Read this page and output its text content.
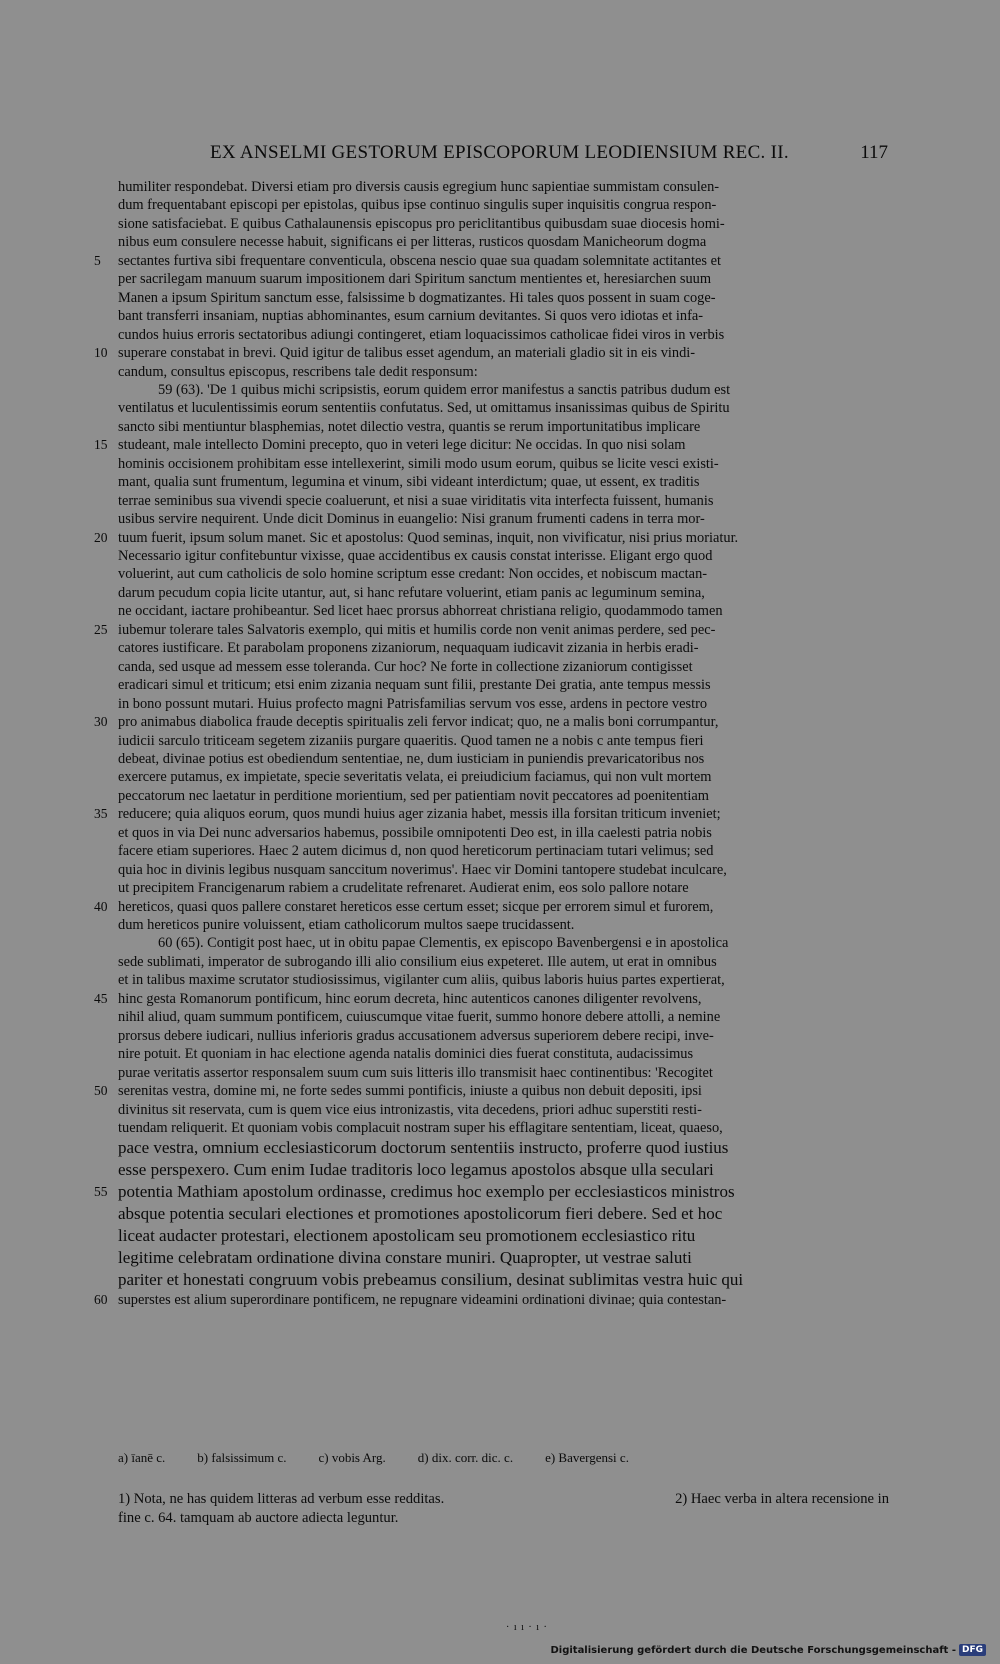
EX ANSELMI GESTORUM EPISCOPORUM LEODIENSIUM REC. II.	117
humiliter respondebat. Diversi etiam pro diversis causis egregium hunc sapientiae summistam consulen-
dum frequentabant episcopi per epistolas, quibus ipse continuo singulis super inquisitis congrua respon-
sione satisfaciebat. E quibus Cathalaunensis episcopus pro periclitantibus quibusdam suae diocesis homi-
nibus eum consulere necesse habuit, significans ei per litteras, rusticos quosdam Manicheorum dogma
sectantes furtiva sibi frequentare conventicula, obscena nescio quae sua quadam solemnitate actitantes et
5
per sacrilegam manuum suarum impositionem dari Spiritum sanctum mentientes et, heresiarchen suum
Manen a ipsum Spiritum sanctum esse, falsissime b dogmatizantes. Hi tales quos possent in suam coge-
bant transferri insaniam, nuptias abhominantes, esum carnium devitantes. Si quos vero idiotas et infa-
cundos huius erroris sectatoribus adiungi contingeret, etiam loquacissimos catholicae fidei viros in verbis
superare constabat in brevi. Quid igitur de talibus esset agendum, an materiali gladio sit in eis vindi-
10
candum, consultus episcopus, rescribens tale dedit responsum:
59 (63). 'De 1 quibus michi scripsistis, eorum quidem error manifestus a sanctis patribus dudum est
ventilatus et luculentissimis eorum sententiis confutatus. Sed, ut omittamus insanissimas quibus de Spiritu
sancto sibi mentiuntur blasphemias, notet dilectio vestra, quantis se rerum importunitatibus implicare
studeant, male intellecto Domini precepto, quo in veteri lege dicitur: Ne occidas. In quo nisi solam
15
hominis occisionem prohibitam esse intellexerint, simili modo usum eorum, quibus se licite vesci existi-
mant, qualia sunt frumentum, legumina et vinum, sibi videant interdictum; quae, ut essent, ex traditis
terrae seminibus sua vivendi specie coaluerunt, et nisi a suae viriditatis vita interfecta fuissent, humanis
usibus servire nequirent. Unde dicit Dominus in euangelio: Nisi granum frumenti cadens in terra mor-
tuum fuerit, ipsum solum manet. Sic et apostolus: Quod seminas, inquit, non vivificatur, nisi prius moriatur.
20
Necessario igitur confitebuntur vixisse, quae accidentibus ex causis constat interisse. Eligant ergo quod
voluerint, aut cum catholicis de solo homine scriptum esse credant: Non occides, et nobiscum mactan-
darum pecudum copia licite utantur, aut, si hanc refutare voluerint, etiam panis ac leguminum semina,
ne occidant, iactare prohibeantur. Sed licet haec prorsus abhorreat christiana religio, quodammodo tamen
iubemur tolerare tales Salvatoris exemplo, qui mitis et humilis corde non venit animas perdere, sed pec-
25
catores iustificare. Et parabolam proponens zizaniorum, nequaquam iudicavit zizania in herbis eradi-
canda, sed usque ad messem esse toleranda. Cur hoc? Ne forte in collectione zizaniorum contigisset
eradicari simul et triticum; etsi enim zizania nequam sunt filii, prestante Dei gratia, ante tempus messis
in bono possunt mutari. Huius profecto magni Patrisfamilias servum vos esse, ardens in pectore vestro
pro animabus diabolica fraude deceptis spiritualis zeli fervor indicat; quo, ne a malis boni corrumpantur,
30
iudicii sarculo triticeam segetem zizaniis purgare quaeritis. Quod tamen ne a nobis c ante tempus fieri
debeat, divinae potius est obediendum sententiae, ne, dum iusticiam in puniendis prevaricatoribus nos
exercere putamus, ex impietate, specie severitatis velata, ei preiudicium faciamus, qui non vult mortem
peccatorum nec laetatur in perditione morientium, sed per patientiam novit peccatores ad poenitentiam
reducere; quia aliquos eorum, quos mundi huius ager zizania habet, messis illa forsitan triticum inveniet;
35
et quos in via Dei nunc adversarios habemus, possibile omnipotenti Deo est, in illa caelesti patria nobis
facere etiam superiores. Haec 2 autem dicimus d, non quod hereticorum pertinaciam tutari velimus; sed
quia hoc in divinis legibus nusquam sanccitum noverimus'. Haec vir Domini tantopere studebat inculcare,
ut precipitem Francigenarum rabiem a crudelitate refrenaret. Audierat enim, eos solo pallore notare
hereticos, quasi quos pallere constaret hereticos esse certum esset; sicque per errorem simul et furorem,
40
dum hereticos punire voluissent, etiam catholicorum multos saepe trucidassent.
60 (65). Contigit post haec, ut in obitu papae Clementis, ex episcopo Bavenbergensi e in apostolica
sede sublimati, imperator de subrogando illi alio consilium eius expeteret. Ille autem, ut erat in omnibus
et in talibus maxime scrutator studiosissimus, vigilanter cum aliis, quibus laboris huius partes expertierat,
hinc gesta Romanorum pontificum, hinc eorum decreta, hinc autenticos canones diligenter revolvens,
45
nihil aliud, quam summum pontificem, cuiuscumque vitae fuerit, summo honore debere attolli, a nemine
prorsus debere iudicari, nullius inferioris gradus accusationem adversus superiorem debere recipi, inve-
nire potuit. Et quoniam in hac electione agenda natalis dominici dies fuerat constituta, audacissimus
purae veritatis assertor responsalem suum cum suis litteris illo transmisit haec continentibus: 'Recogitet
serenitas vestra, domine mi, ne forte sedes summi pontificis, iniuste a quibus non debuit depositi, ipsi
50
divinitus sit reservata, cum is quem vice eius intronizastis, vita decedens, priori adhuc superstiti resti-
tuendam reliquerit. Et quoniam vobis complacuit nostram super his efflagitare sententiam, liceat, quaeso,
pace vestra, omnium ecclesiasticorum doctorum sententiis instructo, proferre quod iustius
esse perspexero. Cum enim Iudae traditoris loco legamus apostolos absque ulla seculari
potentia Mathiam apostolum ordinasse, credimus hoc exemplo per ecclesiasticos ministros
55
absque potentia seculari electiones et promotiones apostolicorum fieri debere. Sed et hoc
liceat audacter protestari, electionem apostolicam seu promotionem ecclesiastico ritu
legitime celebratam ordinatione divina constare muniri. Quapropter, ut vestrae saluti
pariter et honestati congruum vobis prebeamus consilium, desinat sublimitas vestra huic qui
superstes est alium superordinare pontificem, ne repugnare videamini ordinationi divinae; quia contestan-
60
a) īanē c. b) falsissimum c. c) vobis Arg. d) dix. corr. dic. c. e) Bavergensi c.
1) Nota, ne has quidem litteras ad verbum esse redditas.	2) Haec verba in altera recensione in
fine c. 64. tamquam ab auctore adiecta leguntur.
· ı ı · ı ·
Digitalisierung gefördert durch die Deutsche Forschungsgemeinschaft - DFG
